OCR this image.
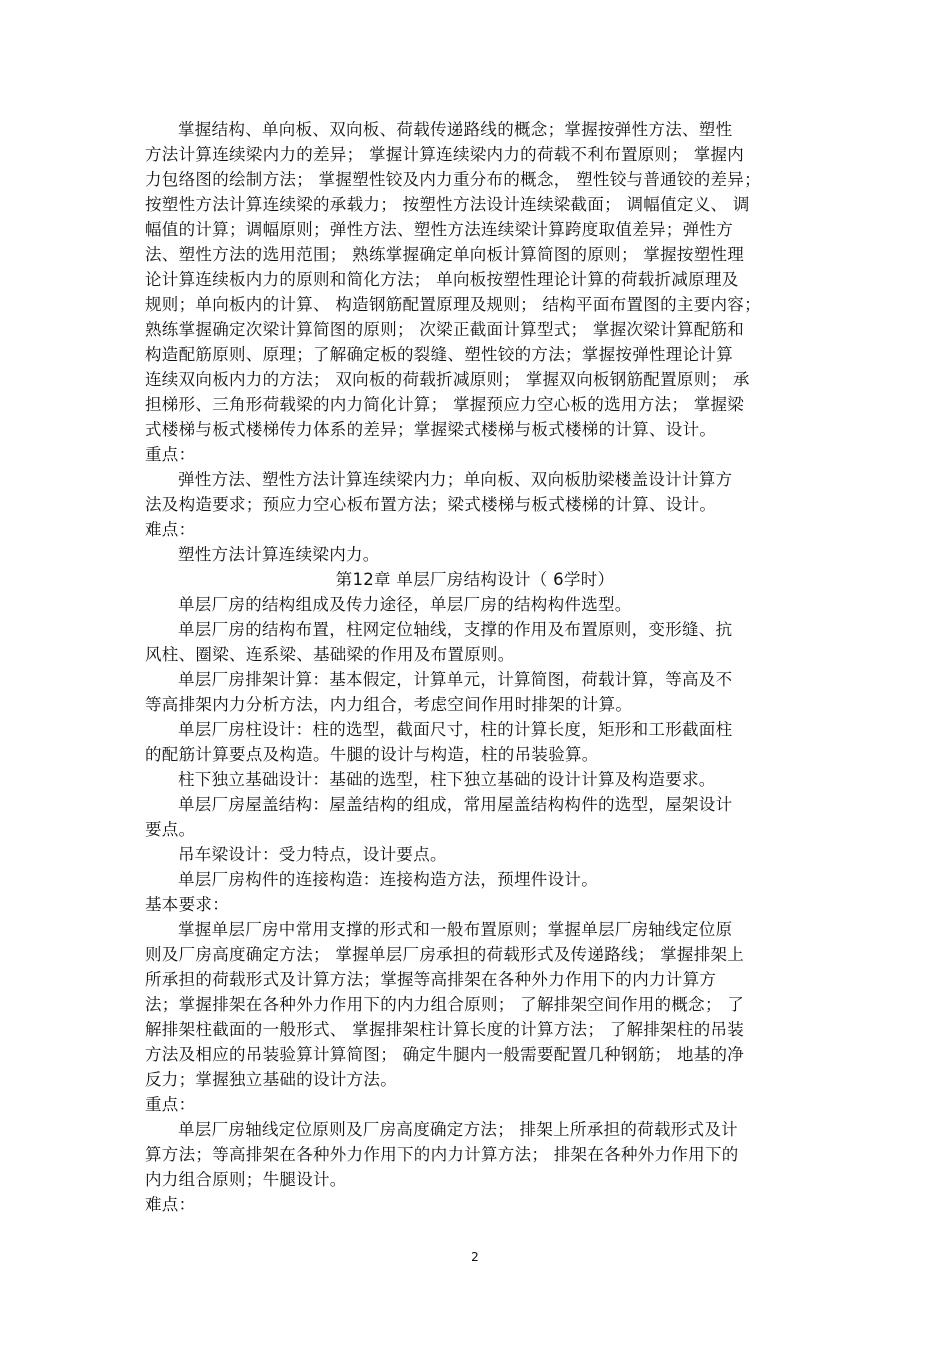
掌握结构、单向板、双向板、荷载传递路线的概念；掌握按弹性方法、塑性
方法计算连续梁内力的差异； 掌握计算连续梁内力的荷载不利布置原则； 掌握内
力包络图的绘制方法； 掌握塑性铰及内力重分布的概念， 塑性铰与普通铰的差异；
按塑性方法计算连续梁的承载力； 按塑性方法设计连续梁截面； 调幅值定义、 调
幅值的计算；调幅原则；弹性方法、塑性方法连续梁计算跨度取值差异；弹性方
法、塑性方法的选用范围； 熟练掌握确定单向板计算简图的原则； 掌握按塑性理
论计算连续板内力的原则和简化方法； 单向板按塑性理论计算的荷载折减原理及
规则；单向板内的计算、 构造钢筋配置原理及规则； 结构平面布置图的主要内容；
熟练掌握确定次梁计算简图的原则； 次梁正截面计算型式； 掌握次梁计算配筋和
构造配筋原则、原理；了解确定板的裂缝、塑性铰的方法；掌握按弹性理论计算
连续双向板内力的方法； 双向板的荷载折减原则； 掌握双向板钢筋配置原则； 承
担梯形、三角形荷载梁的内力简化计算； 掌握预应力空心板的选用方法； 掌握梁
式楼梯与板式楼梯传力体系的差异；掌握梁式楼梯与板式楼梯的计算、设计。
重点：
弹性方法、塑性方法计算连续梁内力；单向板、双向板肋梁楼盖设计计算方
法及构造要求；预应力空心板布置方法；梁式楼梯与板式楼梯的计算、设计。
难点：
塑性方法计算连续梁内力。
第12章 单层厂房结构设计（ 6学时）
单层厂房的结构组成及传力途径，单层厂房的结构构件选型。
单层厂房的结构布置，柱网定位轴线，支撑的作用及布置原则，变形缝、抗
风柱、圈梁、连系梁、基础梁的作用及布置原则。
单层厂房排架计算：基本假定，计算单元，计算简图，荷载计算，等高及不
等高排架内力分析方法，内力组合，考虑空间作用时排架的计算。
单层厂房柱设计：柱的选型，截面尺寸，柱的计算长度，矩形和工形截面柱
的配筋计算要点及构造。牛腿的设计与构造，柱的吊装验算。
柱下独立基础设计：基础的选型，柱下独立基础的设计计算及构造要求。
单层厂房屋盖结构：屋盖结构的组成，常用屋盖结构构件的选型，屋架设计
要点。
吊车梁设计：受力特点，设计要点。
单层厂房构件的连接构造：连接构造方法，预埋件设计。
基本要求：
掌握单层厂房中常用支撑的形式和一般布置原则；掌握单层厂房轴线定位原
则及厂房高度确定方法； 掌握单层厂房承担的荷载形式及传递路线； 掌握排架上
所承担的荷载形式及计算方法；掌握等高排架在各种外力作用下的内力计算方
法；掌握排架在各种外力作用下的内力组合原则； 了解排架空间作用的概念； 了
解排架柱截面的一般形式、 掌握排架柱计算长度的计算方法； 了解排架柱的吊装
方法及相应的吊装验算计算简图； 确定牛腿内一般需要配置几种钢筋； 地基的净
反力；掌握独立基础的设计方法。
重点：
单层厂房轴线定位原则及厂房高度确定方法； 排架上所承担的荷载形式及计
算方法；等高排架在各种外力作用下的内力计算方法； 排架在各种外力作用下的
内力组合原则；牛腿设计。
难点：
2
